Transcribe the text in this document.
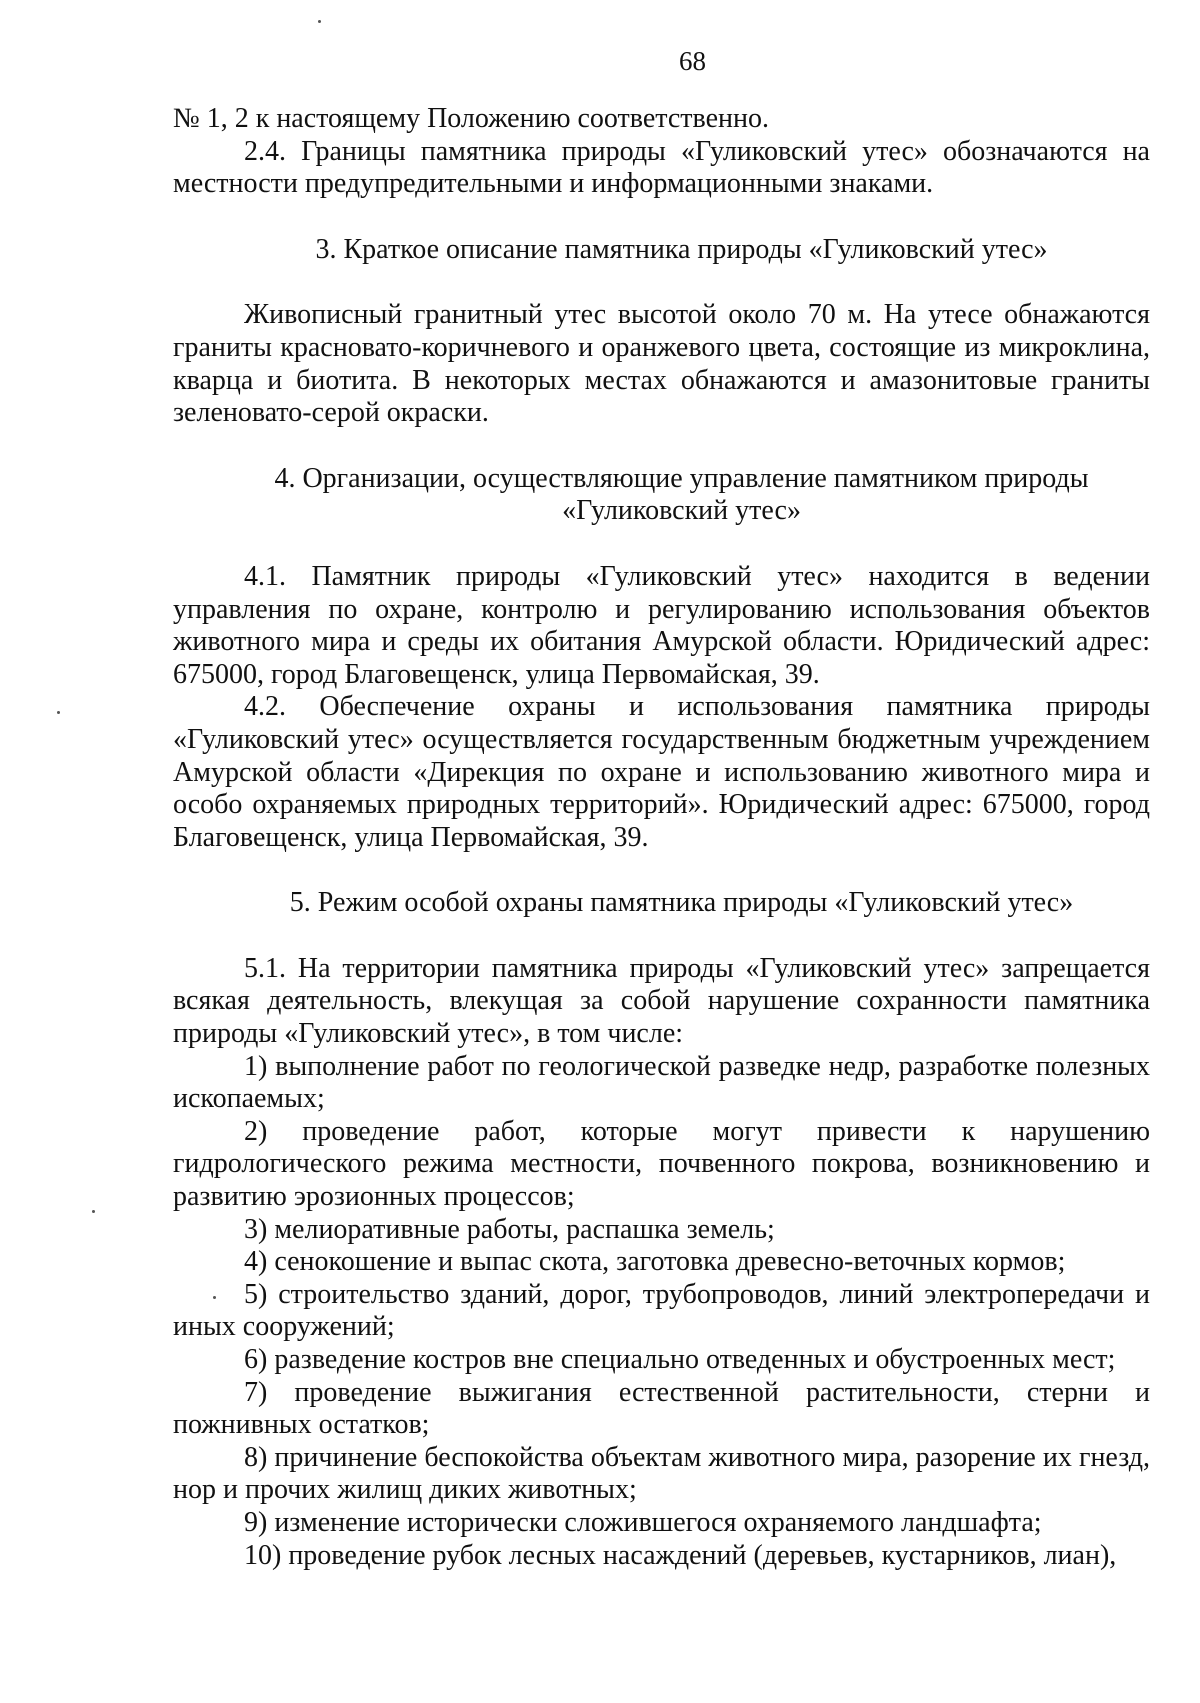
68

№ 1, 2 к настоящему Положению соответственно.

2.4. Границы памятника природы «Гуликовский утес» обозначаются на местности предупредительными и информационными знаками.

3. Краткое описание памятника природы «Гуликовский утес»

Живописный гранитный утес высотой около 70 м. На утесе обнажаются граниты красновато-коричневого и оранжевого цвета, состоящие из микроклина, кварца и биотита. В некоторых местах обнажаются и амазонитовые граниты зеленовато-серой окраски.

4. Организации, осуществляющие управление памятником природы

«Гуликовский утес»

4.1. Памятник природы «Гуликовский утес» находится в ведении управления по охране, контролю и регулированию использования объектов животного мира и среды их обитания Амурской области. Юридический адрес: 675000, город Благовещенск, улица Первомайская, 39.

4.2. Обеспечение охраны и использования памятника природы «Гуликовский утес» осуществляется государственным бюджетным учреждением Амурской области «Дирекция по охране и использованию животного мира и особо охраняемых природных территорий». Юридический адрес: 675000, город Благовещенск, улица Первомайская, 39.

5. Режим особой охраны памятника природы «Гуликовский утес»

5.1. На территории памятника природы «Гуликовский утес» запрещается всякая деятельность, влекущая за собой нарушение сохранности памятника природы «Гуликовский утес», в том числе:

1) выполнение работ по геологической разведке недр, разработке полезных ископаемых;

2) проведение работ, которые могут привести к нарушению гидрологического режима местности, почвенного покрова, возникновению и развитию эрозионных процессов;

3) мелиоративные работы, распашка земель;

4) сенокошение и выпас скота, заготовка древесно-веточных кормов;

5) строительство зданий, дорог, трубопроводов, линий электропередачи и иных сооружений;

6) разведение костров вне специально отведенных и обустроенных мест;

7) проведение выжигания естественной растительности, стерни и пожнивных остатков;

8) причинение беспокойства объектам животного мира, разорение их гнезд, нор и прочих жилищ диких животных;

9) изменение исторически сложившегося охраняемого ландшафта;

10) проведение рубок лесных насаждений (деревьев, кустарников, лиан),
